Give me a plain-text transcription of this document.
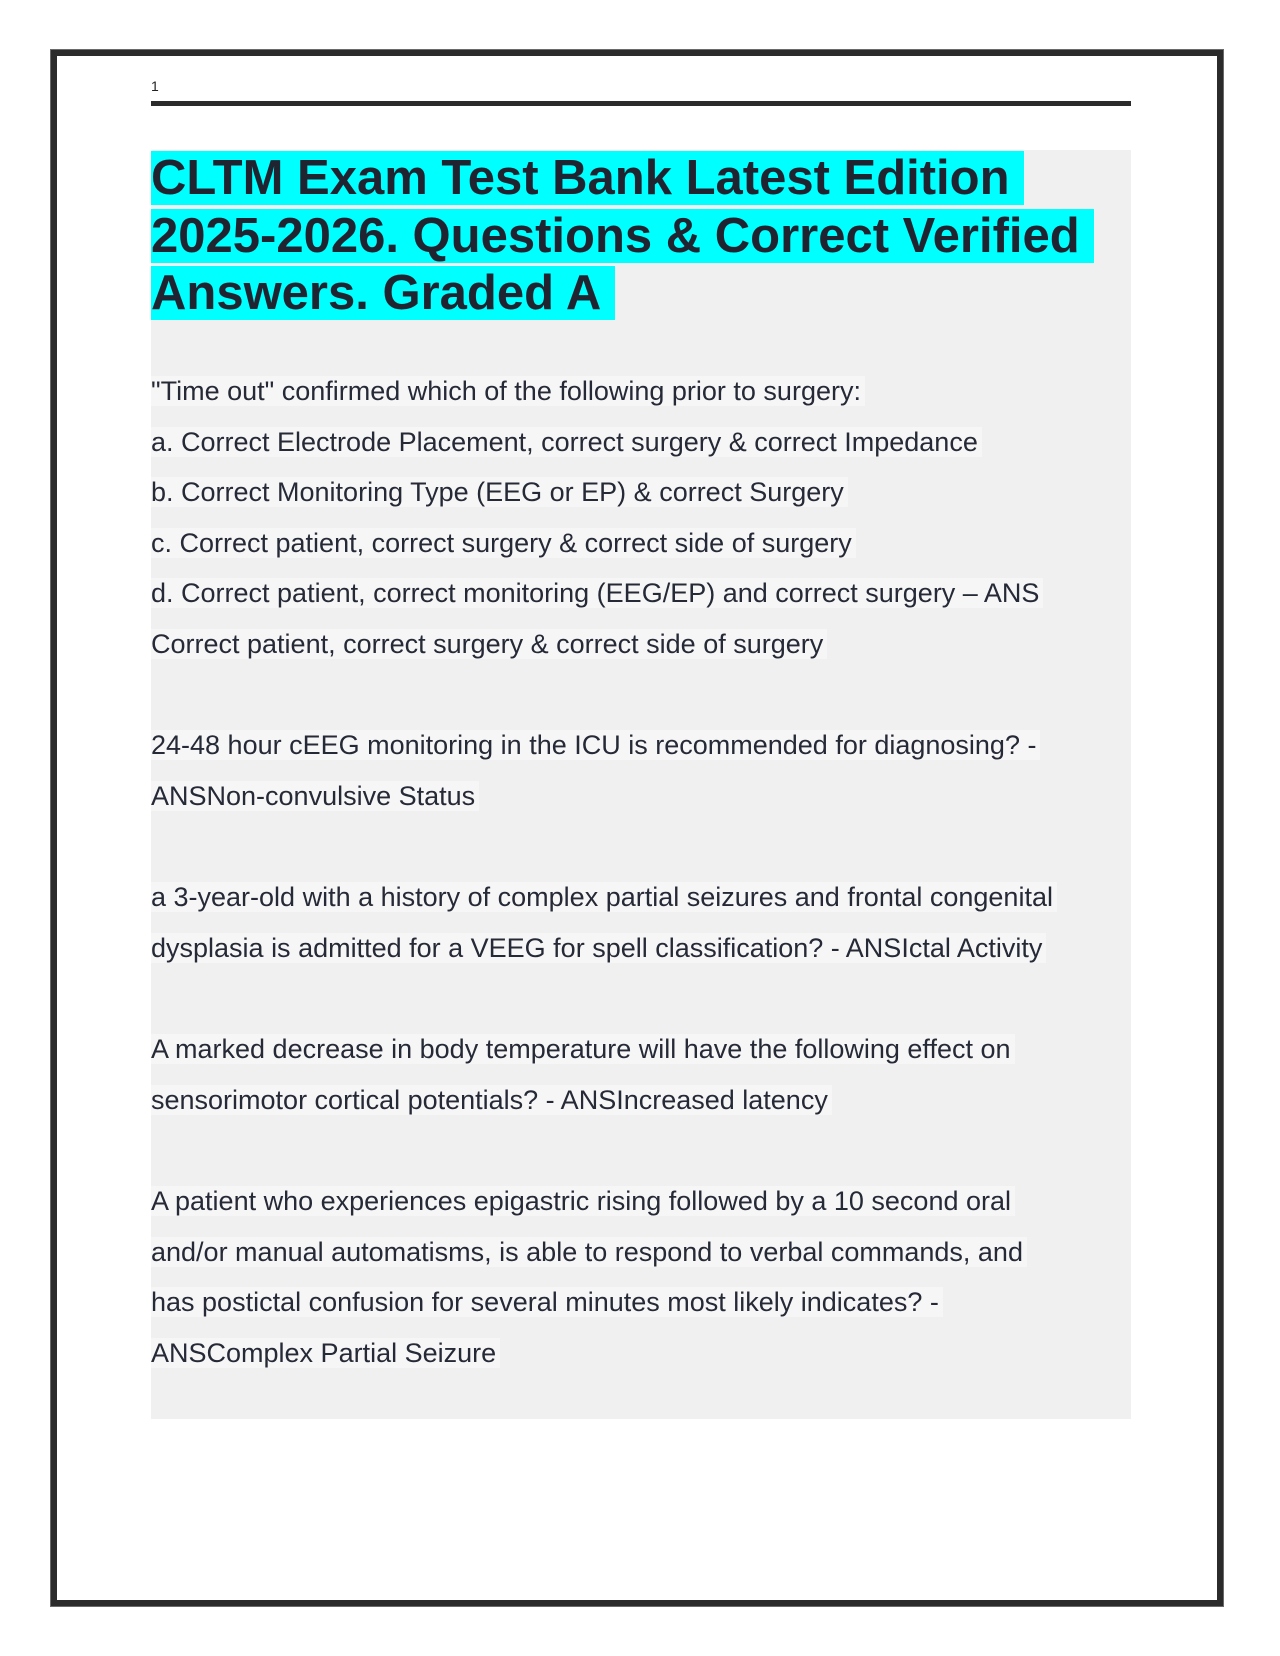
1
CLTM Exam Test Bank Latest Edition
2025-2026. Questions & Correct Verified
Answers. Graded A
"Time out" confirmed which of the following prior to surgery:
a. Correct Electrode Placement, correct surgery & correct Impedance
b. Correct Monitoring Type (EEG or EP) & correct Surgery
c. Correct patient, correct surgery & correct side of surgery
d. Correct patient, correct monitoring (EEG/EP) and correct surgery – ANS
Correct patient, correct surgery & correct side of surgery
24-48 hour cEEG monitoring in the ICU is recommended for diagnosing? -
ANSNon-convulsive Status
a 3-year-old with a history of complex partial seizures and frontal congenital
dysplasia is admitted for a VEEG for spell classification? - ANSIctal Activity
A marked decrease in body temperature will have the following effect on
sensorimotor cortical potentials? - ANSIncreased latency
A patient who experiences epigastric rising followed by a 10 second oral
and/or manual automatisms, is able to respond to verbal commands, and
has postictal confusion for several minutes most likely indicates? -
ANSComplex Partial Seizure
